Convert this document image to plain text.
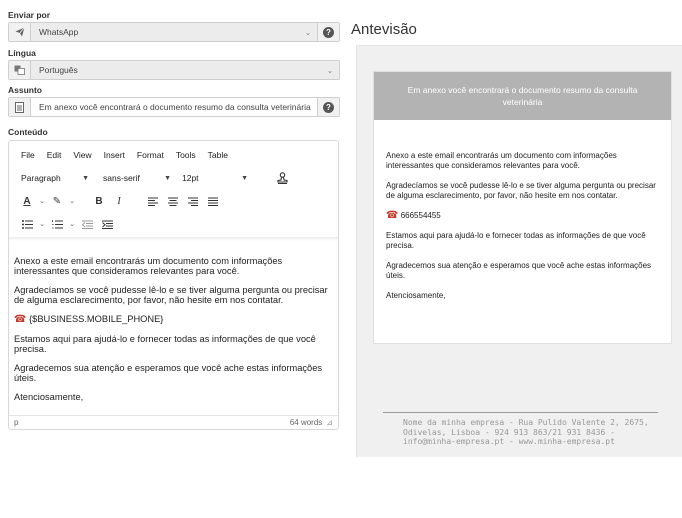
Enviar por
WhatsApp	⌄	?
Língua
Português	⌄
Assunto
Em anexo você encontrará o documento resumo da consulta veterinária	?
Conteúdo
File Edit View Insert Format Tools Table
Paragraph	▼ sans-serif	▼ 12pt	▼
A ⌄ ✎	⌄	B	I
⌄	⌄

Anexo a este email encontrarás um documento com informações interessantes que consideramos relevantes para você.

Agradecíamos se você pudesse lê-lo e se tiver alguma pergunta ou precisar de alguma esclarecimento, por favor, não hesite em nos contatar.

☎ {$BUSINESS.MOBILE_PHONE}

Estamos aqui para ajudá-lo e fornecer todas as informações de que você precisa.

Agradecemos sua atenção e esperamos que você ache estas informações úteis.

Atenciosamente,

p	64 words ⊿
Antevisão
Em anexo você encontrará o documento resumo da consulta veterinária

Anexo a este email encontrarás um documento com informações interessantes que consideramos relevantes para você.

Agradecíamos se você pudesse lê-lo e se tiver alguma pergunta ou precisar de alguma esclarecimento, por favor, não hesite em nos contatar.

☎ 666554455

Estamos aqui para ajudá-lo e fornecer todas as informações de que você precisa.

Agradecemos sua atenção e esperamos que você ache estas informações úteis.

Atenciosamente,

Nome da minha empresa - Rua Pulido Valente 2, 2675, Odivelas, Lisboa - 924 913 863/21 931 8436 - info@minha-empresa.pt - www.minha-empresa.pt
